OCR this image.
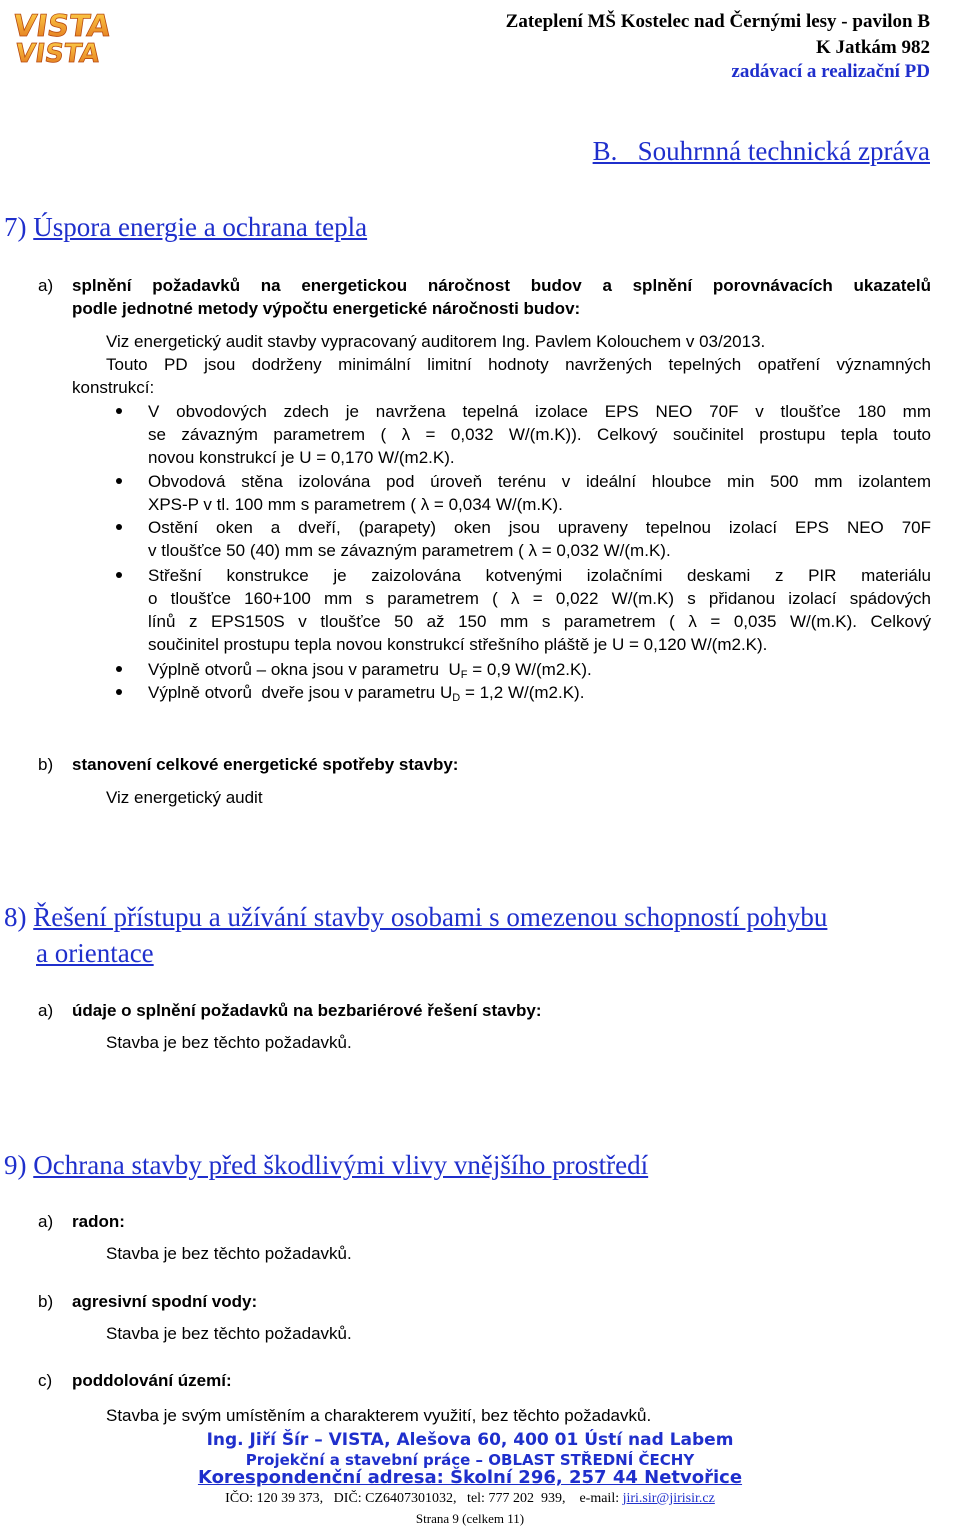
VISTA
VISTA
Zateplení MŠ Kostelec nad Černými lesy - pavilon B
K Jatkám 982
zadávací a realizační PD
B.   Souhrnná technická zpráva
7) Úspora energie a ochrana tepla
a) splnění požadavků na energetickou náročnost budov a splnění porovnávacích ukazatelů
podle jednotné metody výpočtu energetické náročnosti budov:
Viz energetický audit stavby vypracovaný auditorem Ing. Pavlem Kolouchem v 03/2013.
Touto PD jsou dodrženy minimální limitní hodnoty navržených tepelných opatření významných
konstrukcí:
V obvodových zdech je navržena tepelná izolace EPS NEO 70F v tloušťce 180 mm
se závazným parametrem ( λ = 0,032 W/(m.K)). Celkový součinitel prostupu tepla touto
novou konstrukcí je U = 0,170 W/(m2.K).
Obvodová stěna izolována pod úroveň terénu v ideální hloubce min 500 mm izolantem
XPS-P v tl. 100 mm s parametrem ( λ = 0,034 W/(m.K).
Ostění oken a dveří, (parapety) oken jsou upraveny tepelnou izolací EPS NEO 70F
v tloušťce 50 (40) mm se závazným parametrem ( λ = 0,032 W/(m.K).
Střešní konstrukce je zaizolována kotvenými izolačními deskami z PIR materiálu
o tloušťce 160+100 mm s parametrem ( λ = 0,022 W/(m.K) s přidanou izolací spádových
línů z EPS150S v tloušťce 50 až 150 mm s parametrem ( λ = 0,035 W/(m.K). Celkový
součinitel prostupu tepla novou konstrukcí střešního pláště je U = 0,120 W/(m2.K).
Výplně otvorů – okna jsou v parametru  $U_F = 0,9$ W/(m2.K).
Výplně otvorů  dveře jsou v parametru $U_D = 1,2$ W/(m2.K).
b) stanovení celkové energetické spotřeby stavby:
Viz energetický audit
8) Řešení přístupu a užívání stavby osobami s omezenou schopností pohybu
a orientace
a) údaje o splnění požadavků na bezbariérové řešení stavby:
Stavba je bez těchto požadavků.
9) Ochrana stavby před škodlivými vlivy vnějšího prostředí
a) radon:
Stavba je bez těchto požadavků.
b) agresivní spodní vody:
Stavba je bez těchto požadavků.
c) poddolování území:
Stavba je svým umístěním a charakterem využití, bez těchto požadavků.
Ing. Jiří Šír – VISTA, Alešova 60, 400 01 Ústí nad Labem
Projekční a stavební práce – OBLAST STŘEDNÍ ČECHY
Korespondenční adresa: Školní 296, 257 44 Netvořice
IČO: 120 39 373,   DIČ: CZ6407301032,   tel: 777 202  939,    e-mail: jiri.sir@jirisir.cz
Strana 9 (celkem 11)
